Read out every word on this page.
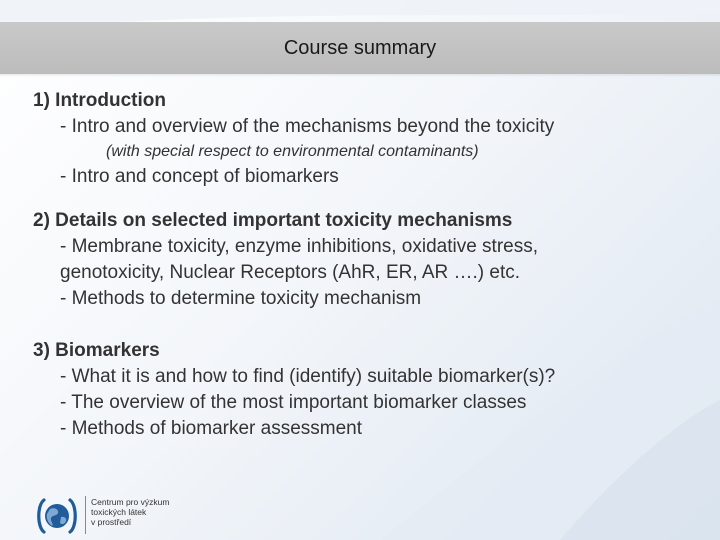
Course summary

1) Introduction

- Intro and overview of the mechanisms beyond the toxicity

(with special respect to environmental contaminants)

- Intro and concept of biomarkers

2) Details on selected important toxicity mechanisms

- Membrane toxicity, enzyme inhibitions, oxidative stress,

genotoxicity, Nuclear Receptors (AhR, ER, AR ….) etc.

- Methods to determine toxicity mechanism

3) Biomarkers

- What it is and how to find (identify) suitable biomarker(s)?

- The overview of the most important biomarker classes

- Methods of biomarker assessment

Centrum pro výzkum
toxických látek
v prostředí
